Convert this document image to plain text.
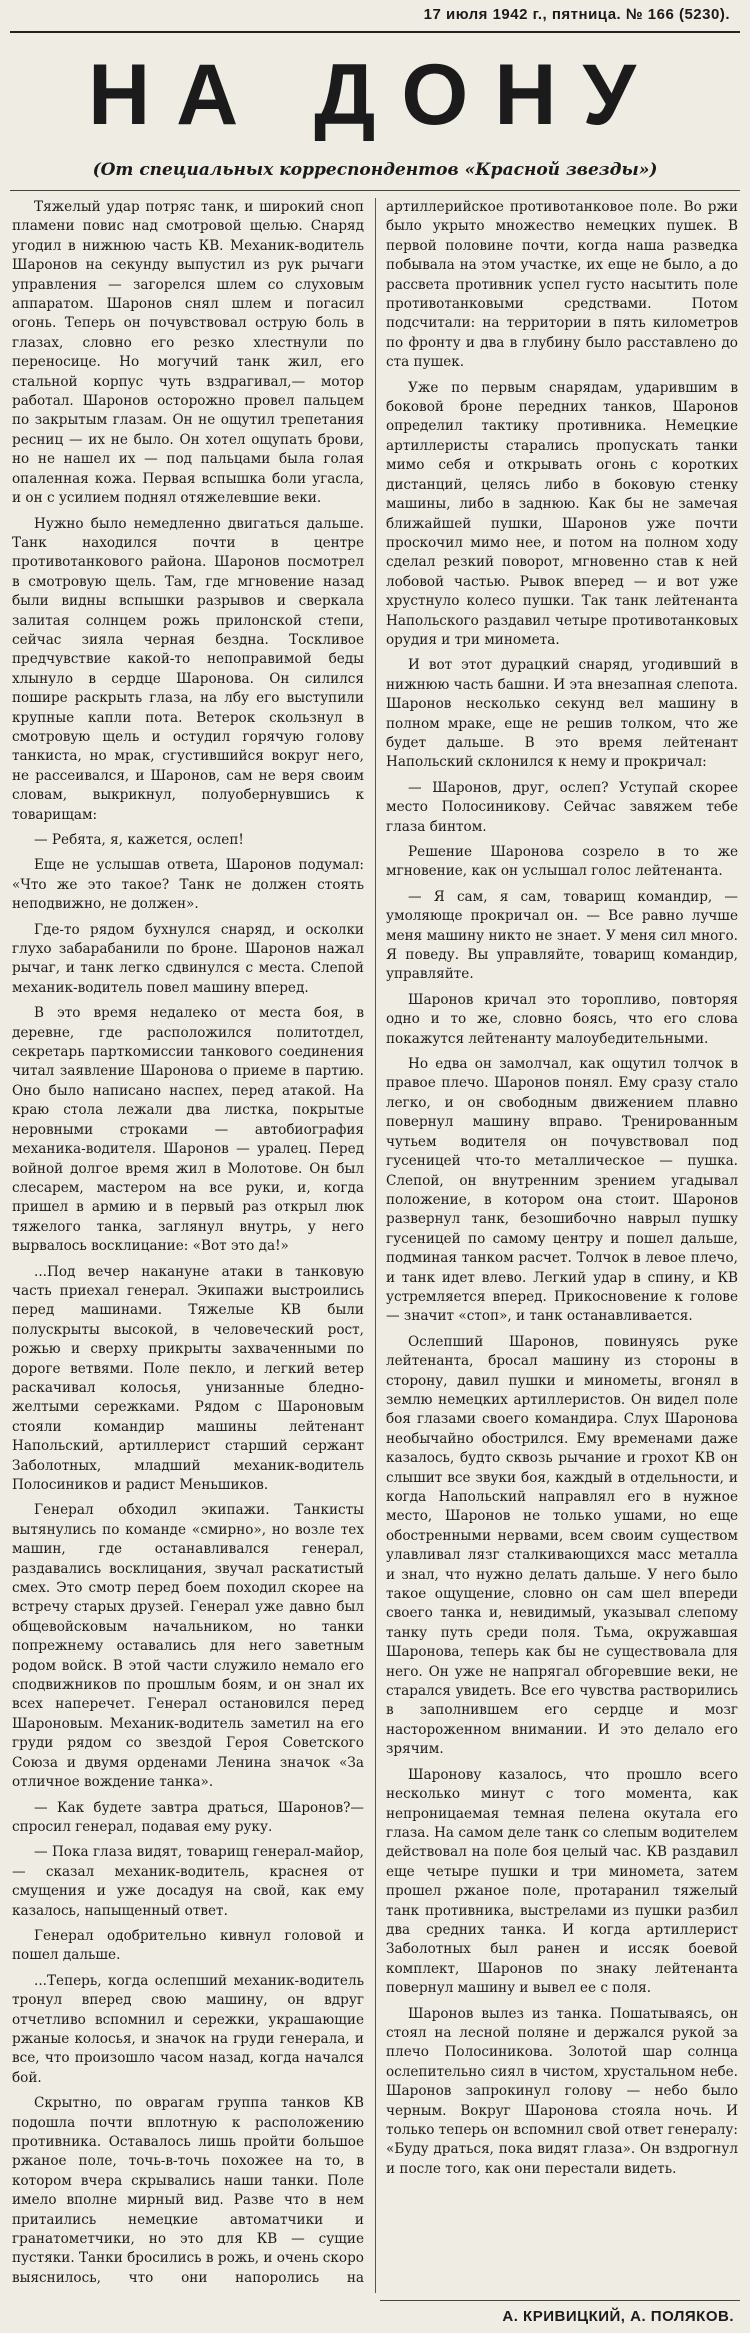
17 июля 1942 г., пятница. № 166 (5230).
НА ДОНУ
(От специальных корреспондентов «Красной звезды»)

Тяжелый удар потряс танк, и широкий сноп пламени повис над смотровой щелью. Снаряд угодил в нижнюю часть КВ. Механик-водитель Шаронов на секунду выпустил из рук рычаги управления — загорелся шлем со слуховым аппаратом. Шаронов снял шлем и погасил огонь. Теперь он почувствовал острую боль в глазах, словно его резко хлестнули по переносице. Но могучий танк жил, его стальной корпус чуть вздрагивал,— мотор работал. Шаронов осторожно провел пальцем по закрытым глазам. Он не ощутил трепетания ресниц — их не было. Он хотел ощупать брови, но не нашел их — под пальцами была голая опаленная кожа. Первая вспышка боли угасла, и он с усилием поднял отяжелевшие веки.

Нужно было немедленно двигаться дальше. Танк находился почти в центре противотанкового района. Шаронов посмотрел в смотровую щель. Там, где мгновение назад были видны вспышки разрывов и сверкала залитая солнцем рожь прилонской степи, сейчас зияла черная бездна. Тоскливое предчувствие какой-то непоправимой беды хлынуло в сердце Шаронова. Он силился пошире раскрыть глаза, на лбу его выступили крупные капли пота. Ветерок скользнул в смотровую щель и остудил горячую голову танкиста, но мрак, сгустившийся вокруг него, не рассеивался, и Шаронов, сам не веря своим словам, выкрикнул, полуобернувшись к товарищам:

— Ребята, я, кажется, ослеп!

Еще не услышав ответа, Шаронов подумал: «Что же это такое? Танк не должен стоять неподвижно, не должен».

Где-то рядом бухнулся снаряд, и осколки глухо забарабанили по броне. Шаронов нажал рычаг, и танк легко сдвинулся с места. Слепой механик-водитель повел машину вперед.

В это время недалеко от места боя, в деревне, где расположился политотдел, секретарь парткомиссии танкового соединения читал заявление Шаронова о приеме в партию. Оно было написано наспех, перед атакой. На краю стола лежали два листка, покрытые неровными строками — автобиография механика-водителя. Шаронов — уралец. Перед войной долгое время жил в Молотове. Он был слесарем, мастером на все руки, и, когда пришел в армию и в первый раз открыл люк тяжелого танка, заглянул внутрь, у него вырвалось восклицание: «Вот это да!»

...Под вечер накануне атаки в танковую часть приехал генерал. Экипажи выстроились перед машинами. Тяжелые КВ были полускрыты высокой, в человеческий рост, рожью и сверху прикрыты захваченными по дороге ветвями. Поле пекло, и легкий ветер раскачивал колосья, унизанные бледно-желтыми сережками. Рядом с Шароновым стояли командир машины лейтенант Напольский, артиллерист старший сержант Заболотных, младший механик-водитель Полосиников и радист Меньшиков.

Генерал обходил экипажи. Танкисты вытянулись по команде «смирно», но возле тех машин, где останавливался генерал, раздавались восклицания, звучал раскатистый смех. Это смотр перед боем походил скорее на встречу старых друзей. Генерал уже давно был общевойсковым начальником, но танки попрежнему оставались для него заветным родом войск. В этой части служило немало его сподвижников по прошлым боям, и он знал их всех наперечет. Генерал остановился перед Шароновым. Механик-водитель заметил на его груди рядом со звездой Героя Советского Союза и двумя орденами Ленина значок «За отличное вождение танка».

— Как будете завтра драться, Шаронов?— спросил генерал, подавая ему руку.

— Пока глаза видят, товарищ генерал-майор,— сказал механик-водитель, краснея от смущения и уже досадуя на свой, как ему казалось, напыщенный ответ.

Генерал одобрительно кивнул головой и пошел дальше.

...Теперь, когда ослепший механик-водитель тронул вперед свою машину, он вдруг отчетливо вспомнил и сережки, украшающие ржаные колосья, и значок на груди генерала, и все, что произошло часом назад, когда начался бой.

Скрытно, по оврагам группа танков КВ подошла почти вплотную к расположению противника. Оставалось лишь пройти большое ржаное поле, точь-в-точь похожее на то, в котором вчера скрывались наши танки. Поле имело вполне мирный вид. Разве что в нем притаились немецкие автоматчики и гранатометчики, но это для КВ — сущие пустяки. Танки бросились в рожь, и очень скоро выяснилось, что они напоролись на артиллерийское противотанковое поле. Во ржи было укрыто множество немецких пушек. В первой половине почти, когда наша разведка побывала на этом участке, их еще не было, а до рассвета противник успел густо насытить поле противотанковыми средствами. Потом подсчитали: на территории в пять километров по фронту и два в глубину было расставлено до ста пушек.

Уже по первым снарядам, ударившим в боковой броне передних танков, Шаронов определил тактику противника. Немецкие артиллеристы старались пропускать танки мимо себя и открывать огонь с коротких дистанций, целясь либо в боковую стенку машины, либо в заднюю. Как бы не замечая ближайшей пушки, Шаронов уже почти проскочил мимо нее, и потом на полном ходу сделал резкий поворот, мгновенно став к ней лобовой частью. Рывок вперед — и вот уже хрустнуло колесо пушки. Так танк лейтенанта Напольского раздавил четыре противотанковых орудия и три миномета.

И вот этот дурацкий снаряд, угодивший в нижнюю часть башни. И эта внезапная слепота. Шаронов несколько секунд вел машину в полном мраке, еще не решив толком, что же будет дальше. В это время лейтенант Напольский склонился к нему и прокричал:

— Шаронов, друг, ослеп? Уступай скорее место Полосиникову. Сейчас завяжем тебе глаза бинтом.

Решение Шаронова созрело в то же мгновение, как он услышал голос лейтенанта.

— Я сам, я сам, товарищ командир, — умоляюще прокричал он. — Все равно лучше меня машину никто не знает. У меня сил много. Я поведу. Вы управляйте, товарищ командир, управляйте.

Шаронов кричал это торопливо, повторяя одно и то же, словно боясь, что его слова покажутся лейтенанту малоубедительными.

Но едва он замолчал, как ощутил толчок в правое плечо. Шаронов понял. Ему сразу стало легко, и он свободным движением плавно повернул машину вправо. Тренированным чутьем водителя он почувствовал под гусеницей что-то металлическое — пушка. Слепой, он внутренним зрением угадывал положение, в котором она стоит. Шаронов развернул танк, безошибочно наврыл пушку гусеницей по самому центру и пошел дальше, подминая танком расчет. Толчок в левое плечо, и танк идет влево. Легкий удар в спину, и КВ устремляется вперед. Прикосновение к голове — значит «стоп», и танк останавливается.

Ослепший Шаронов, повинуясь руке лейтенанта, бросал машину из стороны в сторону, давил пушки и минометы, вгонял в землю немецких артиллеристов. Он видел поле боя глазами своего командира. Слух Шаронова необычайно обострился. Ему временами даже казалось, будто сквозь рычание и грохот КВ он слышит все звуки боя, каждый в отдельности, и когда Напольский направлял его в нужное место, Шаронов не только ушами, но еще обостренными нервами, всем своим существом улавливал лязг сталкивающихся масс металла и знал, что нужно делать дальше. У него было такое ощущение, словно он сам шел впереди своего танка и, невидимый, указывал слепому танку путь среди поля. Тьма, окружавшая Шаронова, теперь как бы не существовала для него. Он уже не напрягал обгоревшие веки, не старался увидеть. Все его чувства растворились в заполнившем его сердце и мозг настороженном внимании. И это делало его зрячим.

Шаронову казалось, что прошло всего несколько минут с того момента, как непроницаемая темная пелена окутала его глаза. На самом деле танк со слепым водителем действовал на поле боя целый час. КВ раздавил еще четыре пушки и три миномета, затем прошел ржаное поле, протаранил тяжелый танк противника, выстрелами из пушки разбил два средних танка. И когда артиллерист Заболотных был ранен и иссяк боевой комплект, Шаронов по знаку лейтенанта повернул машину и вывел ее с поля.

Шаронов вылез из танка. Пошатываясь, он стоял на лесной поляне и держался рукой за плечо Полосиникова. Золотой шар солнца ослепительно сиял в чистом, хрустальном небе. Шаронов запрокинул голову — небо было черным. Вокруг Шаронова стояла ночь. И только теперь он вспомнил свой ответ генералу: «Буду драться, пока видят глаза». Он вздрогнул и после того, как они перестали видеть.

А. КРИВИЦКИЙ, А. ПОЛЯКОВ.
